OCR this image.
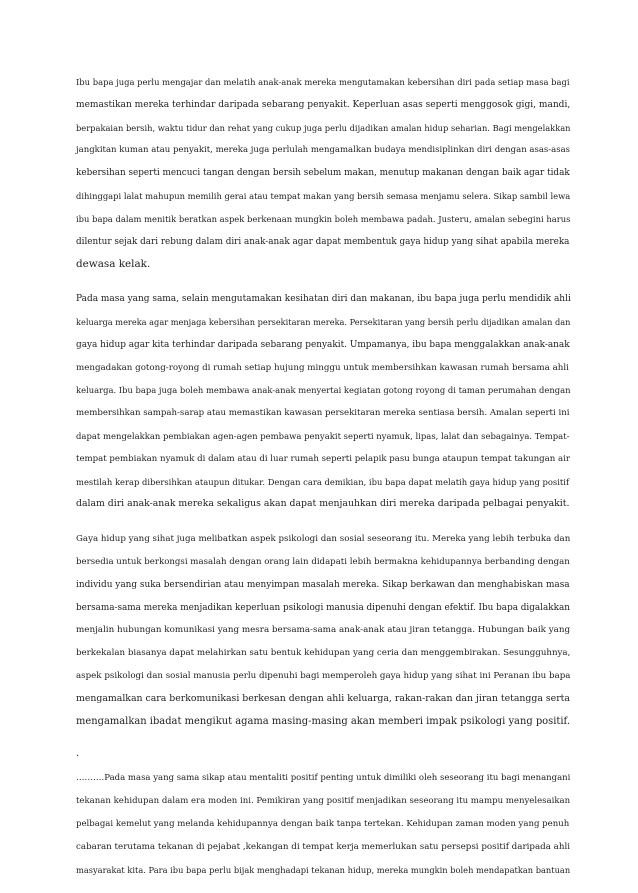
Ibu bapa juga perlu mengajar dan melatih anak-anak mereka mengutamakan kebersihan diri pada setiap masa bagi
memastikan mereka terhindar daripada sebarang penyakit. Keperluan asas seperti menggosok gigi, mandi,
berpakaian bersih, waktu tidur dan rehat yang cukup juga perlu dijadikan amalan hidup seharian. Bagi mengelakkan
jangkitan kuman atau penyakit, mereka juga perlulah mengamalkan budaya mendisiplinkan diri dengan asas-asas
kebersihan seperti mencuci tangan dengan bersih sebelum makan, menutup makanan dengan baik agar tidak
dihinggapi lalat mahupun memilih gerai atau tempat makan yang bersih semasa menjamu selera. Sikap sambil lewa
ibu bapa dalam menitik beratkan aspek berkenaan mungkin boleh membawa padah. Justeru, amalan sebegini harus
dilentur sejak dari rebung dalam diri anak-anak agar dapat membentuk gaya hidup yang sihat apabila mereka
dewasa kelak.
Pada masa yang sama, selain mengutamakan kesihatan diri dan makanan, ibu bapa juga perlu mendidik ahli
keluarga mereka agar menjaga kebersihan persekitaran mereka. Persekitaran yang bersih perlu dijadikan amalan dan
gaya hidup agar kita terhindar daripada sebarang penyakit. Umpamanya, ibu bapa menggalakkan anak-anak
mengadakan gotong-royong di rumah setiap hujung minggu untuk membersihkan kawasan rumah bersama ahli
keluarga. Ibu bapa juga boleh membawa anak-anak menyertai kegiatan gotong royong di taman perumahan dengan
membersihkan sampah-sarap atau memastikan kawasan persekitaran mereka sentiasa bersih. Amalan seperti ini
dapat mengelakkan pembiakan agen-agen pembawa penyakit seperti nyamuk, lipas, lalat dan sebagainya. Tempat-
tempat pembiakan nyamuk di dalam atau di luar rumah seperti pelapik pasu bunga ataupun tempat takungan air
mestilah kerap dibersihkan ataupun ditukar. Dengan cara demikian, ibu bapa dapat melatih gaya hidup yang positif
dalam diri anak-anak mereka sekaligus akan dapat menjauhkan diri mereka daripada pelbagai penyakit.
Gaya hidup yang sihat juga melibatkan aspek psikologi dan sosial seseorang itu. Mereka yang lebih terbuka dan
bersedia untuk berkongsi masalah dengan orang lain didapati lebih bermakna kehidupannya berbanding dengan
individu yang suka bersendirian atau menyimpan masalah mereka. Sikap berkawan dan menghabiskan masa
bersama-sama mereka menjadikan keperluan psikologi manusia dipenuhi dengan efektif. Ibu bapa digalakkan
menjalin hubungan komunikasi yang mesra bersama-sama anak-anak atau jiran tetangga. Hubungan baik yang
berkekalan biasanya dapat melahirkan satu bentuk kehidupan yang ceria dan menggembirakan. Sesungguhnya,
aspek psikologi dan sosial manusia perlu dipenuhi bagi memperoleh gaya hidup yang sihat ini Peranan ibu bapa
mengamalkan cara berkomunikasi berkesan dengan ahli keluarga, rakan-rakan dan jiran tetangga serta
mengamalkan ibadat mengikut agama masing-masing akan memberi impak psikologi yang positif.
.
……….Pada masa yang sama sikap atau mentaliti positif penting untuk dimiliki oleh seseorang itu bagi menangani
tekanan kehidupan dalam era moden ini. Pemikiran yang positif menjadikan seseorang itu mampu menyelesaikan
pelbagai kemelut yang melanda kehidupannya dengan baik tanpa tertekan. Kehidupan zaman moden yang penuh
cabaran terutama tekanan di pejabat ,kekangan di tempat kerja memerlukan satu persepsi positif daripada ahli
masyarakat kita. Para ibu bapa perlu bijak menghadapi tekanan hidup, mereka mungkin boleh mendapatkan bantuan
